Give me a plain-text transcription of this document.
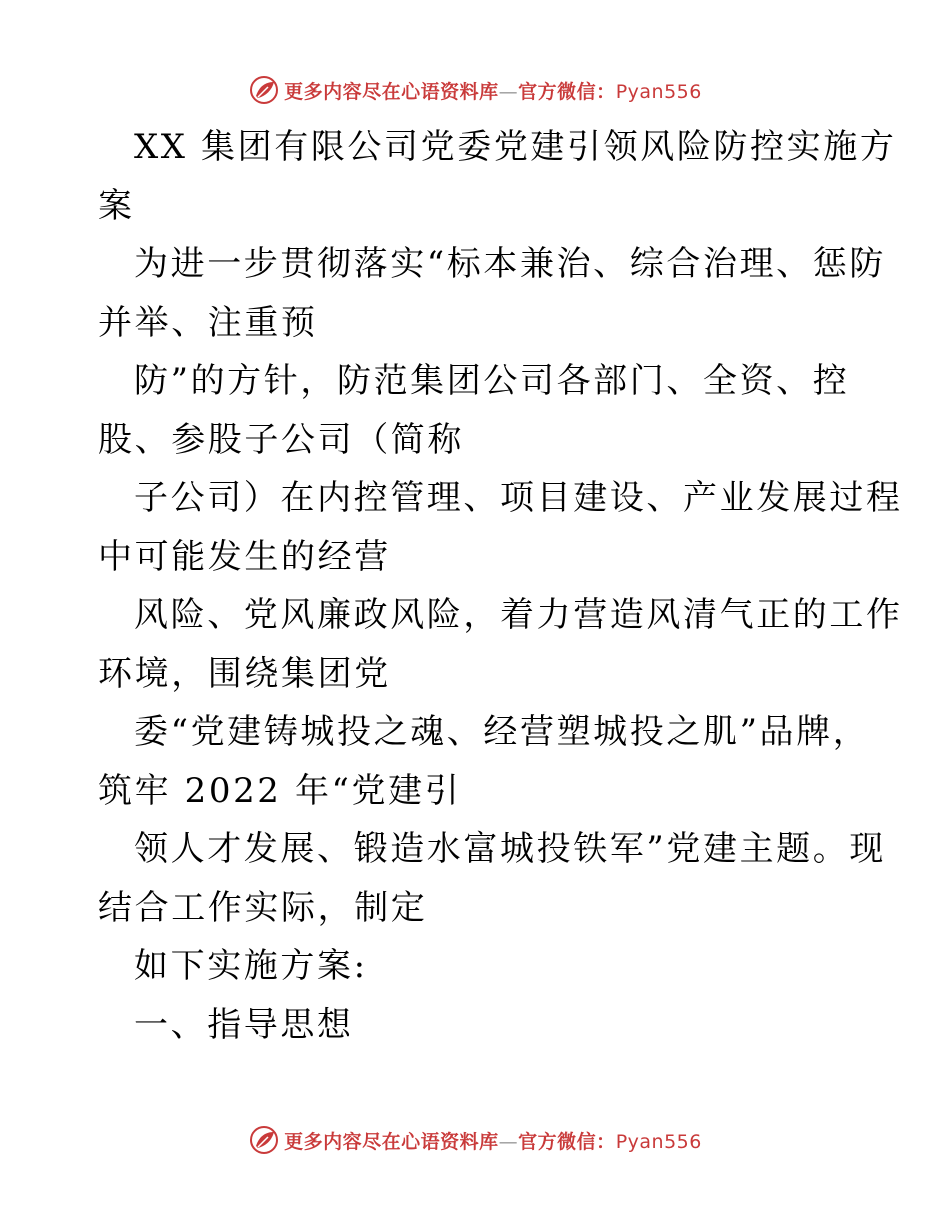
更多内容尽在心语资料库—官方微信：Pyan556

XX 集团有限公司党委党建引领风险防控实施方

案

为进一步贯彻落实“标本兼治、综合治理、惩防

并举、注重预

防”的方针，防范集团公司各部门、全资、控

股、参股子公司（简称

子公司）在内控管理、项目建设、产业发展过程

中可能发生的经营

风险、党风廉政风险，着力营造风清气正的工作

环境，围绕集团党

委“党建铸城投之魂、经营塑城投之肌”品牌，

筑牢 2022 年“党建引

领人才发展、锻造水富城投铁军”党建主题。现

结合工作实际，制定

如下实施方案:

一、指导思想

更多内容尽在心语资料库—官方微信：Pyan556
